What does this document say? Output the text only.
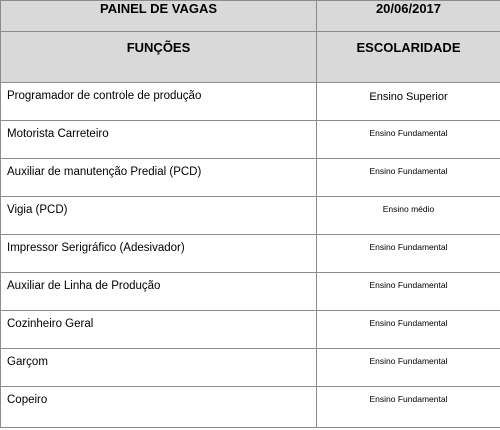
PAINEL DE VAGAS	20/06/2017

FUNÇÕES	ESCOLARIDADE

Programador de controle de produção	Ensino Superior

Motorista Carreteiro	Ensino Fundamental

Auxiliar de manutenção Predial (PCD)	Ensino Fundamental

Vigia (PCD)	Ensino médio

Impressor Serigráfico (Adesivador)	Ensino Fundamental

Auxiliar de Linha de Produção	Ensino Fundamental

Cozinheiro Geral	Ensino Fundamental

Garçom	Ensino Fundamental

Copeiro	Ensino Fundamental
